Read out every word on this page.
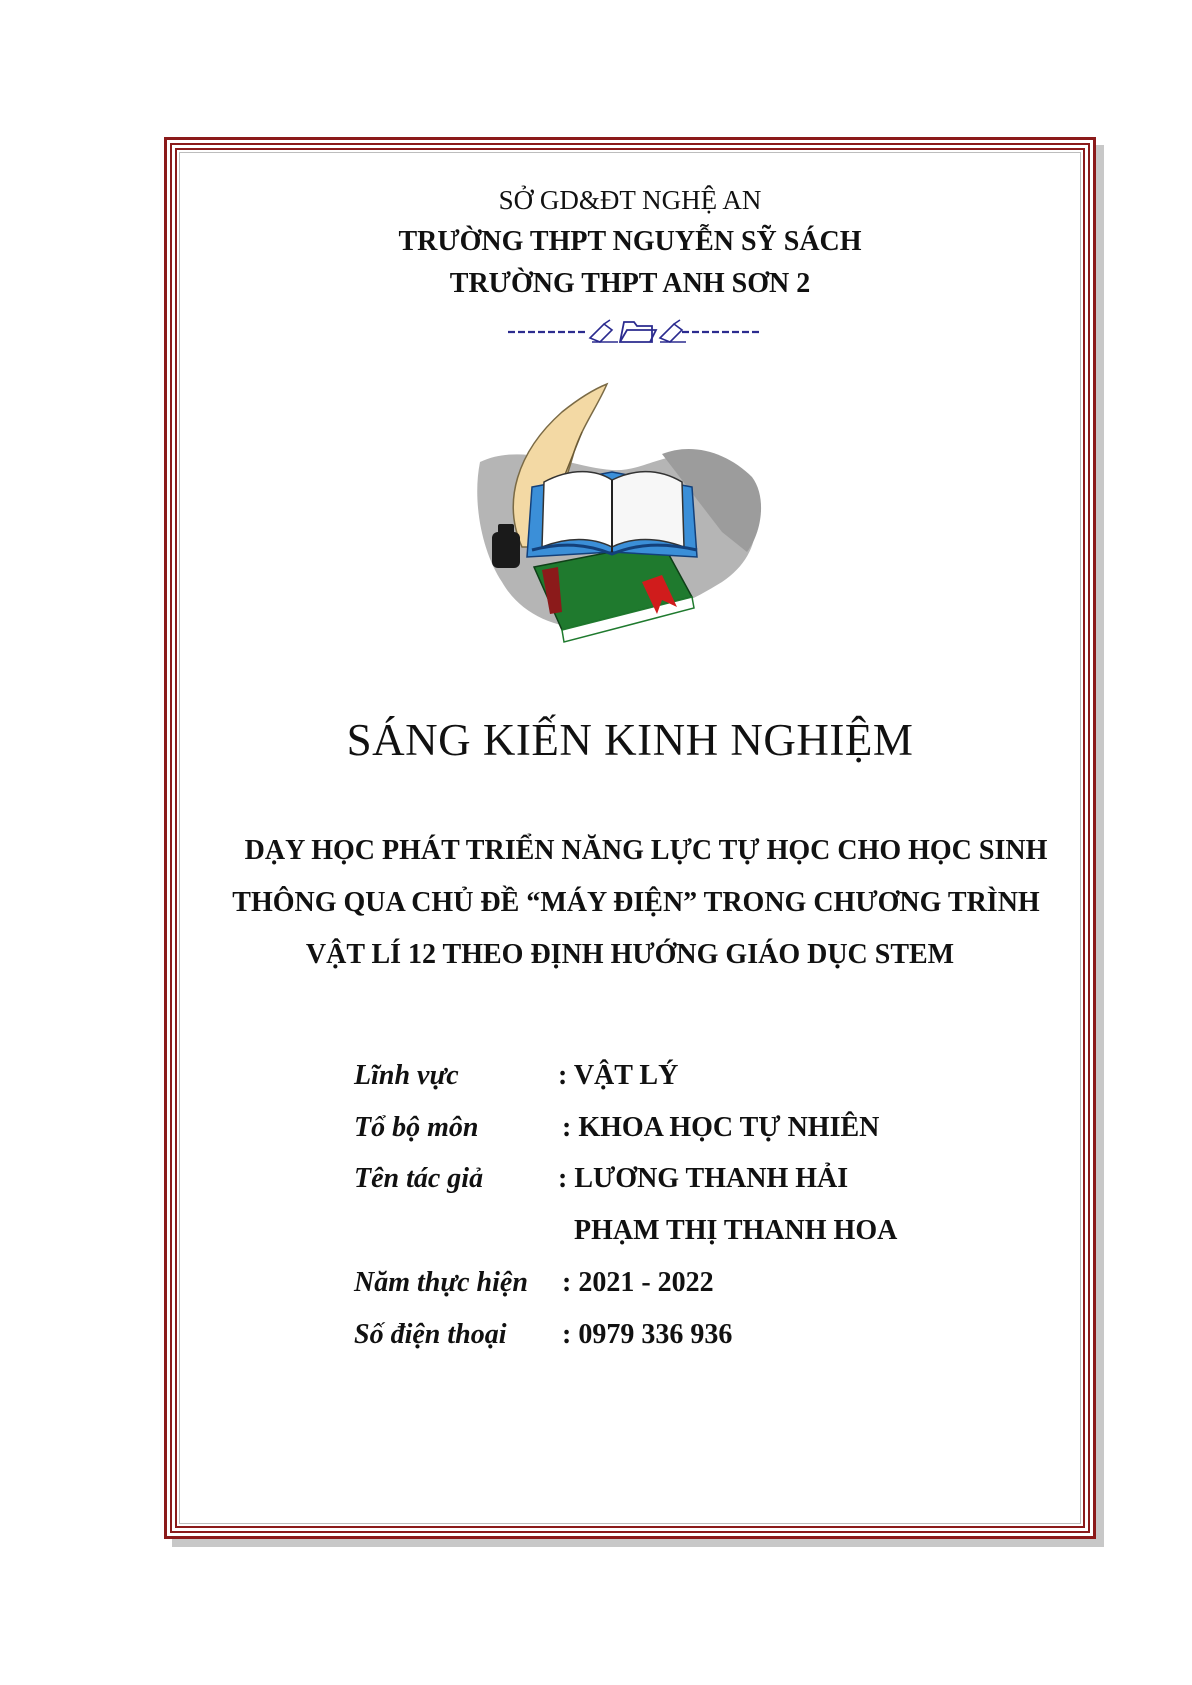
SỞ GD&ĐT NGHỆ AN
TRƯỜNG THPT NGUYỄN SỸ SÁCH
TRƯỜNG THPT ANH SƠN 2
SÁNG KIẾN KINH NGHIỆM
DẠY HỌC PHÁT TRIỂN NĂNG LỰC TỰ HỌC CHO HỌC SINH
THÔNG QUA CHỦ ĐỀ “MÁY ĐIỆN” TRONG CHƯƠNG TRÌNH
VẬT LÍ 12 THEO ĐỊNH HƯỚNG GIÁO DỤC STEM
Lĩnh vực	: VẬT LÝ
Tổ bộ môn	: KHOA HỌC TỰ NHIÊN
Tên tác giả	: LƯƠNG THANH HẢI
PHẠM THỊ THANH HOA
Năm thực hiện : 2021 - 2022
Số điện thoại : 0979 336 936
